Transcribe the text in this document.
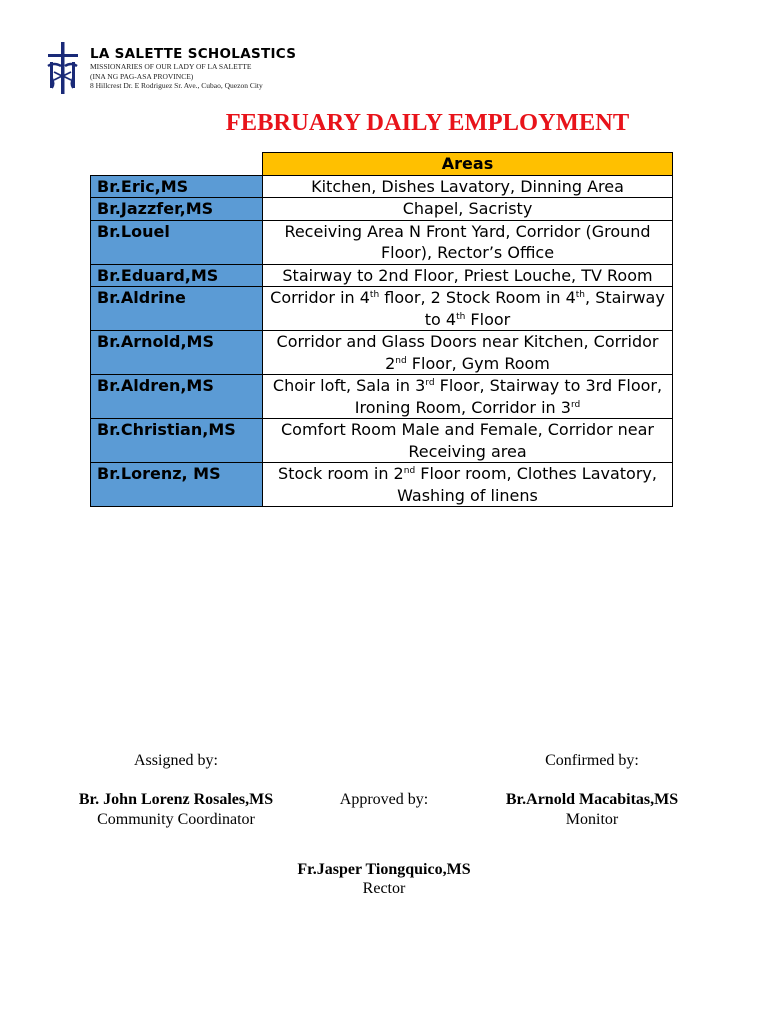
LA SALETTE SCHOLASTICS
MISSIONARIES OF OUR LADY OF LA SALETTE
(INA NG PAG-ASA PROVINCE)
8 Hillcrest Dr. E Rodriguez Sr. Ave., Cubao, Quezon City
FEBRUARY DAILY EMPLOYMENT
	Areas
Br.Eric,MS	Kitchen, Dishes Lavatory, Dinning Area
Br.Jazzfer,MS	Chapel, Sacristy
Br.Louel	Receiving Area N Front Yard, Corridor (Ground Floor), Rector’s Office
Br.Eduard,MS	Stairway to 2nd Floor, Priest Louche, TV Room
Br.Aldrine	Corridor in 4th floor, 2 Stock Room in 4th, Stairway to 4th Floor
Br.Arnold,MS	Corridor and Glass Doors near Kitchen, Corridor 2nd Floor, Gym Room
Br.Aldren,MS	Choir loft, Sala in 3rd Floor, Stairway to 3rd Floor, Ironing Room, Corridor in 3rd
Br.Christian,MS	Comfort Room Male and Female, Corridor near Receiving area
Br.Lorenz, MS	Stock room in 2nd Floor room, Clothes Lavatory, Washing of linens
Assigned by:	Confirmed by:
Br. John Lorenz Rosales,MS	Approved by:	Br.Arnold Macabitas,MS
Community Coordinator	Monitor
Fr.Jasper Tiongquico,MS
Rector
